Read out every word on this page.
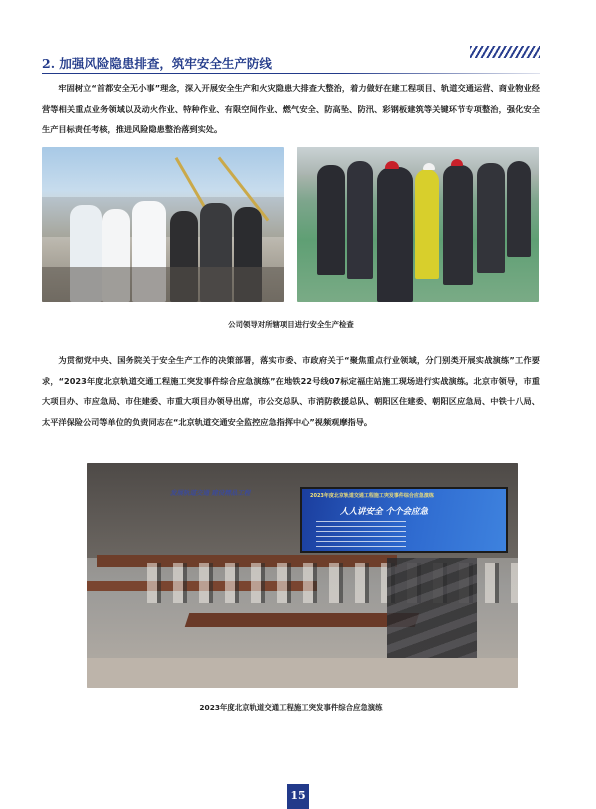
2. 加强风险隐患排查，筑牢安全生产防线

牢固树立“首都安全无小事”理念，深入开展安全生产和火灾隐患大排查大整治，着力做好在建工程项目、轨道交通运营、商业物业经营等相关重点业务领域以及动火作业、特种作业、有限空间作业、燃气安全、防高坠、防汛、彩钢板建筑等关键环节专项整治，强化安全生产目标责任考核，推进风险隐患整治落到实处。

公司领导对所辖项目进行安全生产检查

为贯彻党中央、国务院关于安全生产工作的决策部署，落实市委、市政府关于“聚焦重点行业领域，分门别类开展实战演练”工作要求，“2023年度北京轨道交通工程施工突发事件综合应急演练”在地铁22号线07标定福庄站施工现场进行实战演练。北京市领导，市重大项目办、市应急局、市住建委、市重大项目办领导出席，市公交总队、市消防救援总队、朝阳区住建委、朝阳区应急局、中铁十八局、太平洋保险公司等单位的负责同志在“北京轨道交通安全监控应急指挥中心”视频观摩指导。

发展轨道交通 建设精品工程	2023年度北京轨道交通工程施工突发事件综合应急演练
人人讲安全 个个会应急
2023年度北京轨道交通工程施工突发事件综合应急演练
15
